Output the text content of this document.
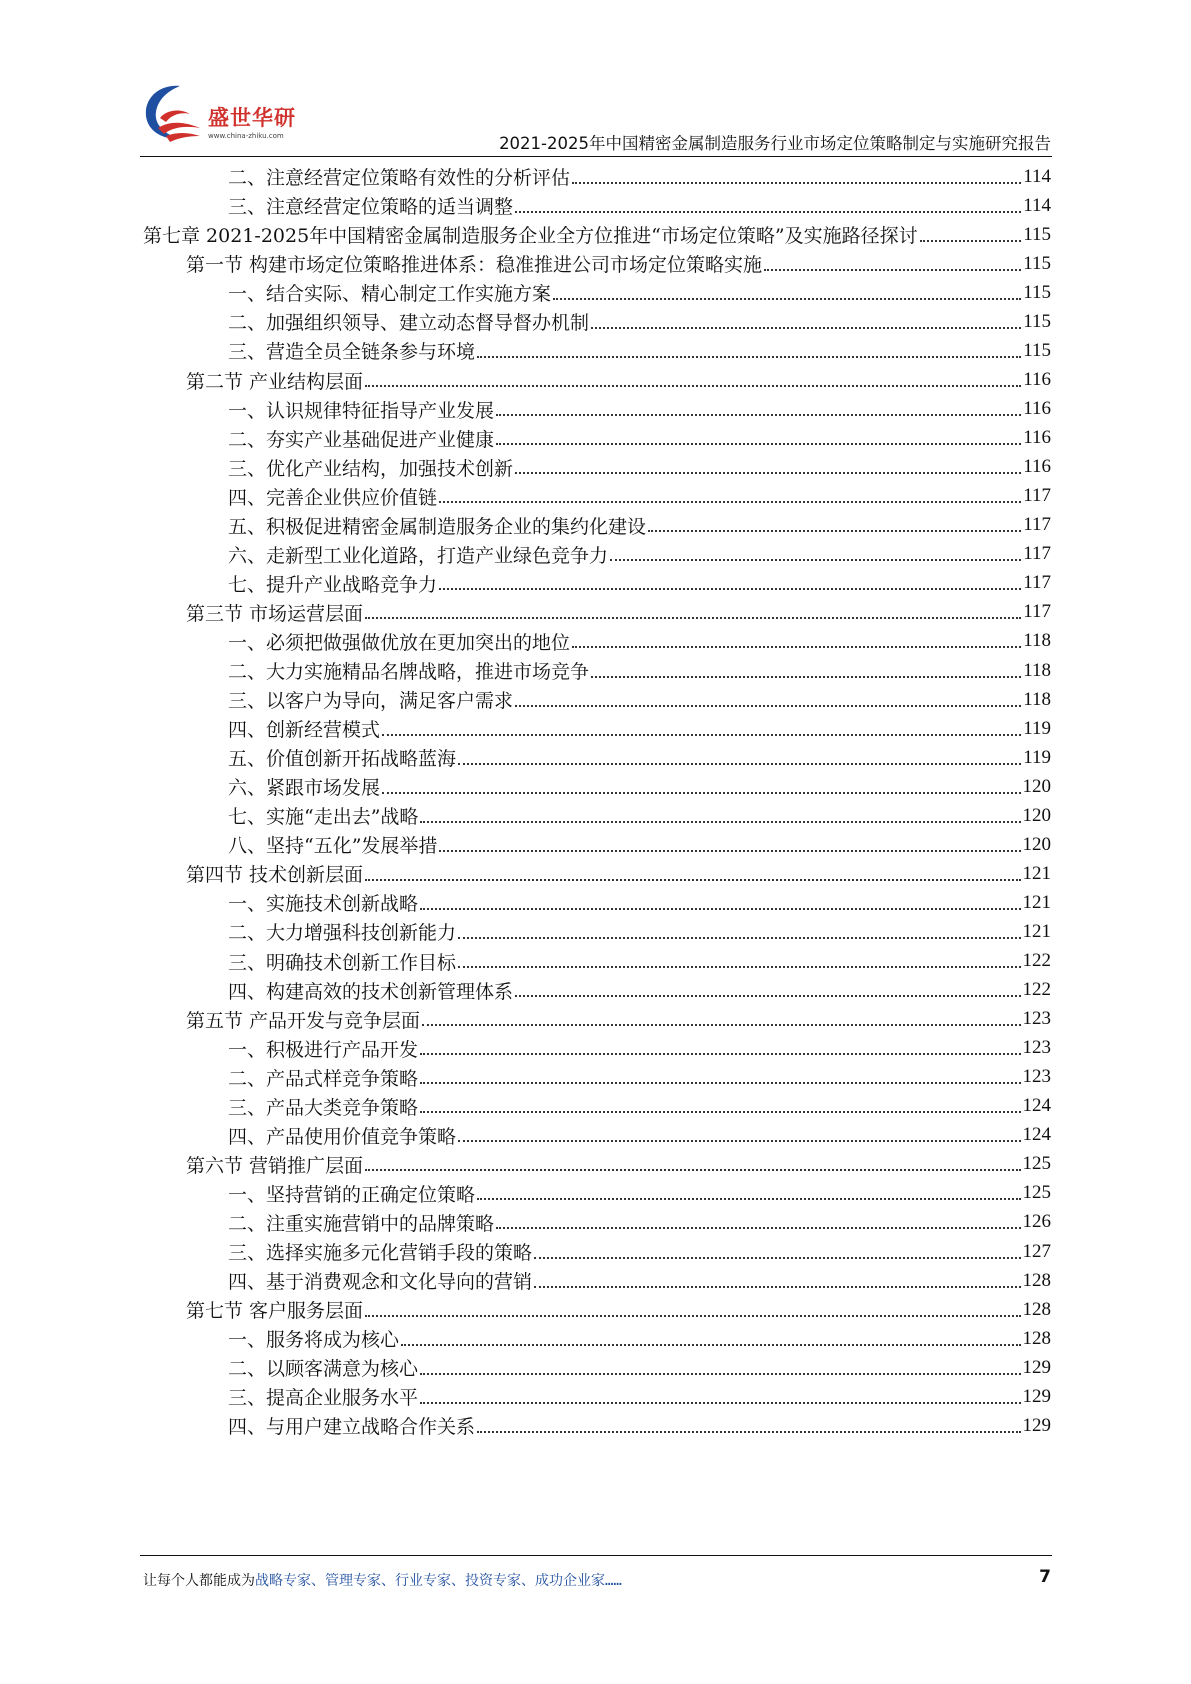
盛世华研
www.china-zhiku.com	2021-2025年中国精密金属制造服务行业市场定位策略制定与实施研究报告
二、注意经营定位策略有效性的分析评估	114
三、注意经营定位策略的适当调整	114
第七章 2021-2025年中国精密金属制造服务企业全方位推进“市场定位策略”及实施路径探讨	115
第一节 构建市场定位策略推进体系：稳准推进公司市场定位策略实施	115
一、结合实际、精心制定工作实施方案	115
二、加强组织领导、建立动态督导督办机制	115
三、营造全员全链条参与环境	115
第二节 产业结构层面	116
一、认识规律特征指导产业发展	116
二、夯实产业基础促进产业健康	116
三、优化产业结构，加强技术创新	116
四、完善企业供应价值链	117
五、积极促进精密金属制造服务企业的集约化建设	117
六、走新型工业化道路，打造产业绿色竞争力	117
七、提升产业战略竞争力	117
第三节 市场运营层面	117
一、必须把做强做优放在更加突出的地位	118
二、大力实施精品名牌战略，推进市场竞争	118
三、以客户为导向，满足客户需求	118
四、创新经营模式	119
五、价值创新开拓战略蓝海	119
六、紧跟市场发展	120
七、实施“走出去”战略	120
八、坚持“五化”发展举措	120
第四节 技术创新层面	121
一、实施技术创新战略	121
二、大力增强科技创新能力	121
三、明确技术创新工作目标	122
四、构建高效的技术创新管理体系	122
第五节 产品开发与竞争层面	123
一、积极进行产品开发	123
二、产品式样竞争策略	123
三、产品大类竞争策略	124
四、产品使用价值竞争策略	124
第六节 营销推广层面	125
一、坚持营销的正确定位策略	125
二、注重实施营销中的品牌策略	126
三、选择实施多元化营销手段的策略	127
四、基于消费观念和文化导向的营销	128
第七节 客户服务层面	128
一、服务将成为核心	128
二、以顾客满意为核心	129
三、提高企业服务水平	129
四、与用户建立战略合作关系	129
让每个人都能成为战略专家、管理专家、行业专家、投资专家、成功企业家……	7
